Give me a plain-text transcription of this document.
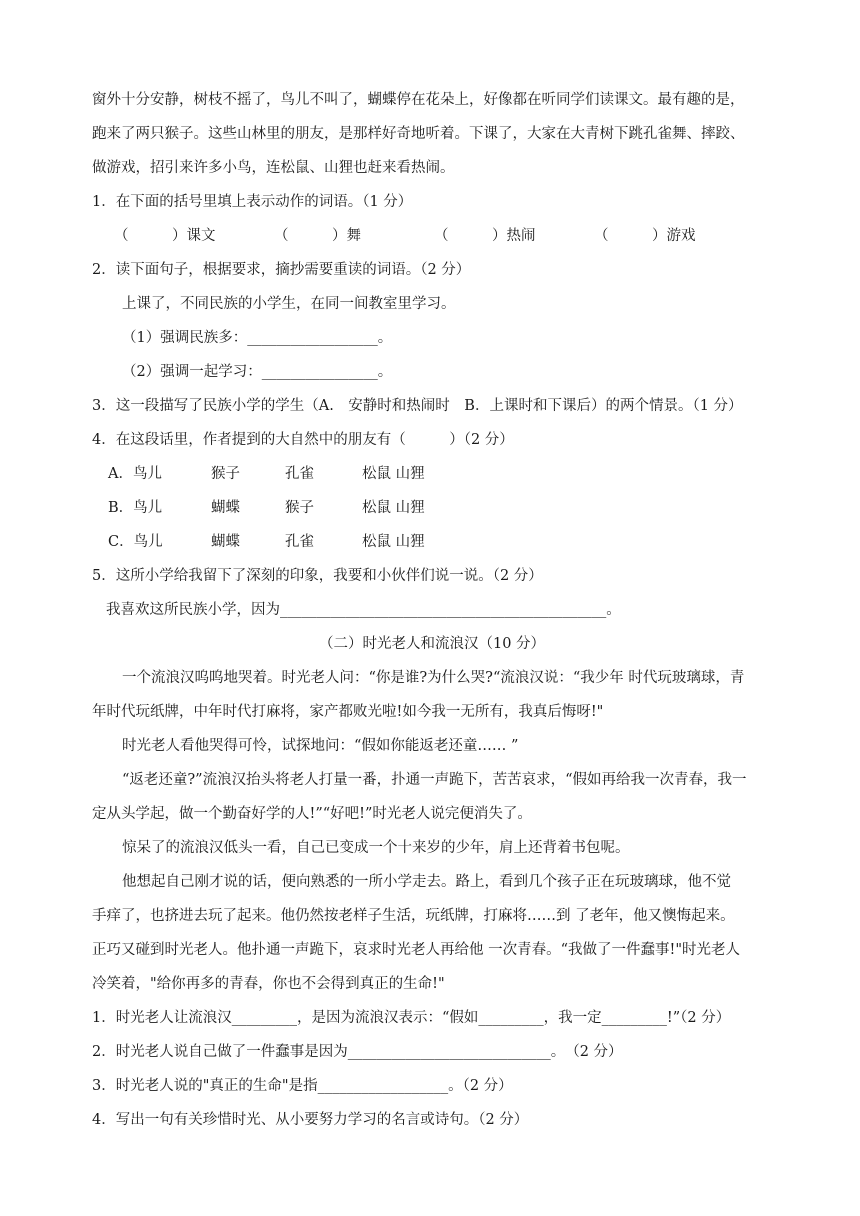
窗外十分安静，树枝不摇了，鸟儿不叫了，蝴蝶停在花朵上，好像都在听同学们读课文。最有趣的是，
跑来了两只猴子。这些山林里的朋友，是那样好奇地听着。下课了，大家在大青树下跳孔雀舞、摔跤、
做游戏，招引来许多小鸟，连松鼠、山狸也赶来看热闹。
1．在下面的括号里填上表示动作的词语。（1 分）
（　　　）课文	（　　　）舞	（　　　）热闹	（　　　）游戏
2．读下面句子，根据要求，摘抄需要重读的词语。（2 分）
上课了，不同民族的小学生，在同一间教室里学习。
（1）强调民族多：__________________。
（2）强调一起学习：________________。
3．这一段描写了民族小学的学生（A.　安静时和热闹时　B．上课时和下课后）的两个情景。（1 分）
4．在这段话里，作者提到的大自然中的朋友有（　　　）（2 分）
A．鸟儿	猴子	孔雀	松鼠 山狸
B．鸟儿	蝴蝶	猴子	松鼠 山狸
C．鸟儿	蝴蝶	孔雀	松鼠 山狸
5．这所小学给我留下了深刻的印象，我要和小伙伴们说一说。（2 分）
我喜欢这所民族小学，因为_____________________________________________。
（二）时光老人和流浪汉（10 分）
一个流浪汉呜呜地哭着。时光老人问：“你是谁?为什么哭?“流浪汉说：“我少年 时代玩玻璃球，青
年时代玩纸牌，中年时代打麻将，家产都败光啦!如今我一无所有，我真后悔呀!"
时光老人看他哭得可怜，试探地问：“假如你能返老还童…… ”
“返老还童?”流浪汉抬头将老人打量一番，扑通一声跪下，苦苦哀求，“假如再给我一次青春，我一
定从头学起，做一个勤奋好学的人!”“好吧!”时光老人说完便消失了。
惊呆了的流浪汉低头一看，自己已变成一个十来岁的少年，肩上还背着书包呢。
他想起自己刚才说的话，便向熟悉的一所小学走去。路上，看到几个孩子正在玩玻璃球，他不觉
手痒了，也挤进去玩了起来。他仍然按老样子生活，玩纸牌，打麻将……到 了老年，他又懊悔起来。
正巧又碰到时光老人。他扑通一声跪下，哀求时光老人再给他 一次青春。“我做了一件蠢事!"时光老人
冷笑着，"给你再多的青春，你也不会得到真正的生命!"
1．时光老人让流浪汉_________，是因为流浪汉表示：“假如_________，我一定_________!”（2 分）
2．时光老人说自己做了一件蠢事是因为____________________________。　（2 分）
3．时光老人说的"真正的生命"是指__________________。（2 分）
4．写出一句有关珍惜时光、从小要努力学习的名言或诗句。（2 分）
